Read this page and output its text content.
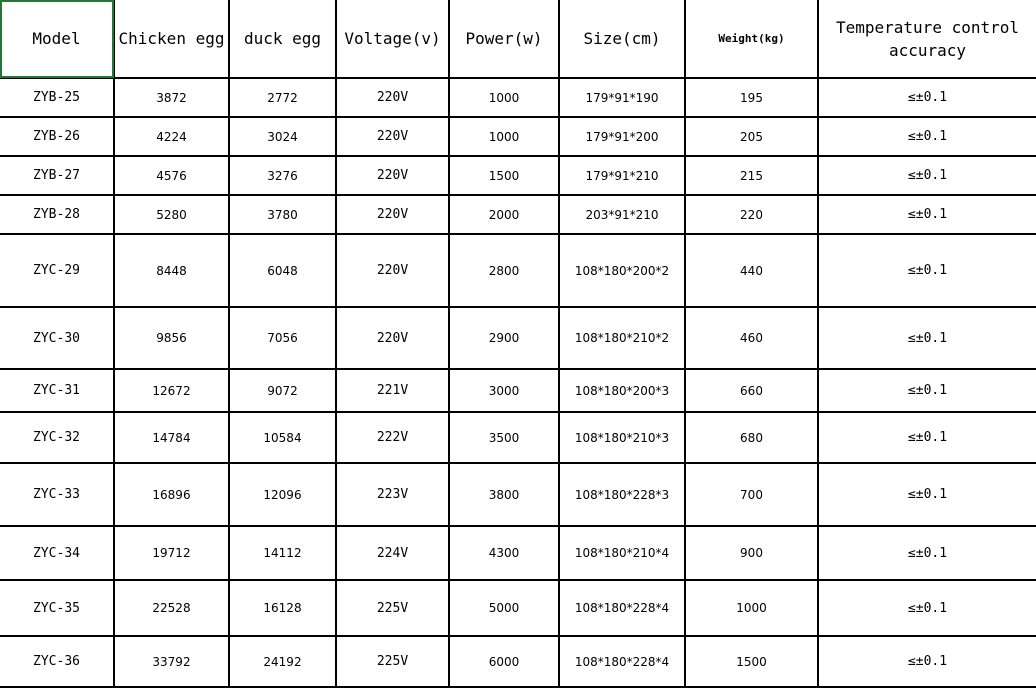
Model	Chicken egg	duck egg	Voltage(v)	Power(w)	Size(cm)	Weight(kg)	Temperature control accuracy
ZYB-25	3872	2772	220V	1000	179*91*190	195	≤±0.1
ZYB-26	4224	3024	220V	1000	179*91*200	205	≤±0.1
ZYB-27	4576	3276	220V	1500	179*91*210	215	≤±0.1
ZYB-28	5280	3780	220V	2000	203*91*210	220	≤±0.1
ZYC-29	8448	6048	220V	2800	108*180*200*2	440	≤±0.1
ZYC-30	9856	7056	220V	2900	108*180*210*2	460	≤±0.1
ZYC-31	12672	9072	221V	3000	108*180*200*3	660	≤±0.1
ZYC-32	14784	10584	222V	3500	108*180*210*3	680	≤±0.1
ZYC-33	16896	12096	223V	3800	108*180*228*3	700	≤±0.1
ZYC-34	19712	14112	224V	4300	108*180*210*4	900	≤±0.1
ZYC-35	22528	16128	225V	5000	108*180*228*4	1000	≤±0.1
ZYC-36	33792	24192	225V	6000	108*180*228*4	1500	≤±0.1
